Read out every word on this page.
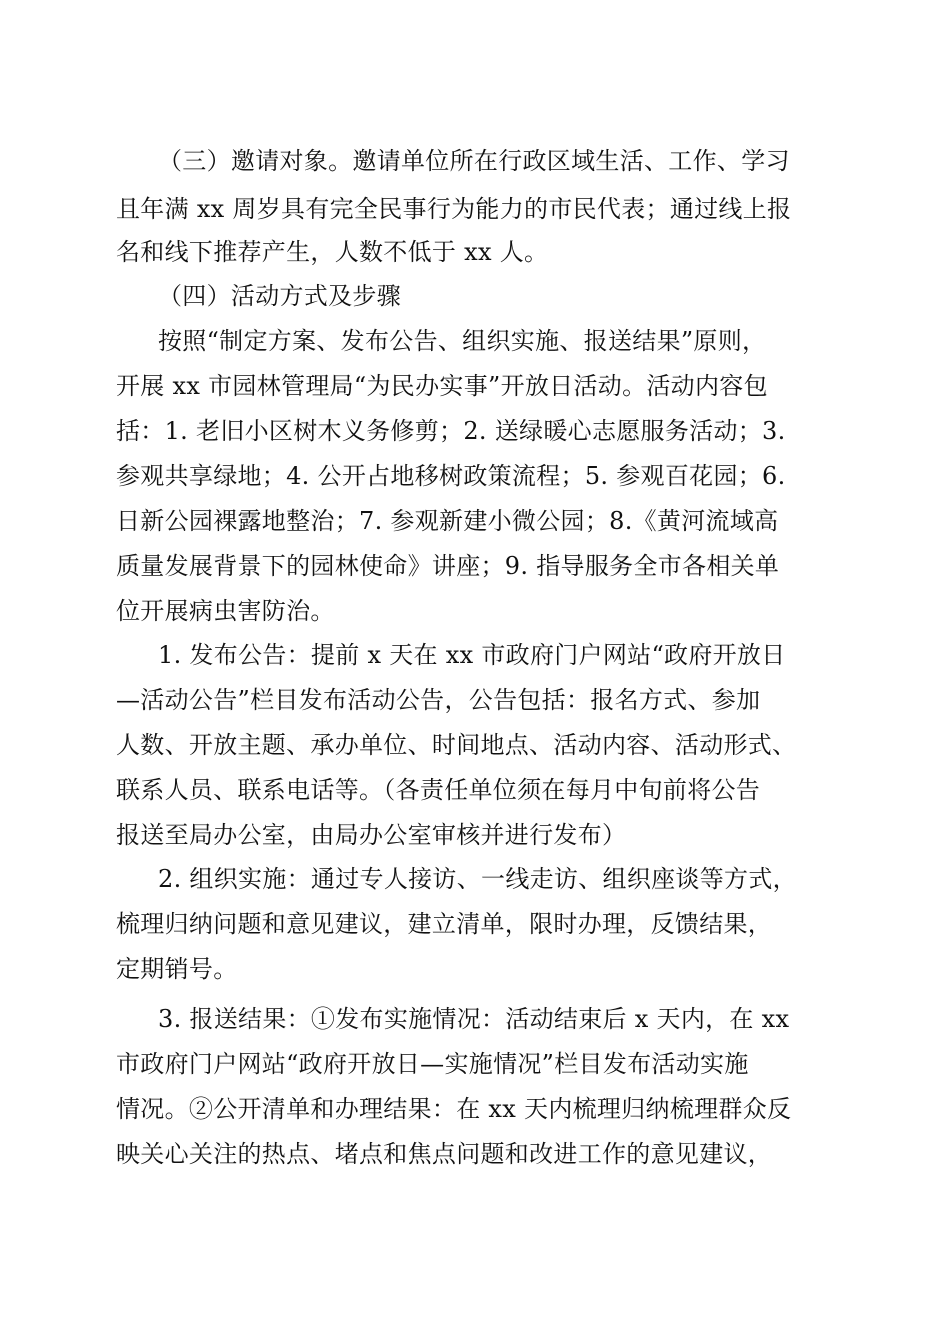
（三）邀请对象。邀请单位所在行政区域生活、工作、学习
且年满 xx 周岁具有完全民事行为能力的市民代表；通过线上报
名和线下推荐产生，人数不低于 xx 人。
（四）活动方式及步骤
按照“制定方案、发布公告、组织实施、报送结果”原则，
开展 xx 市园林管理局“为民办实事”开放日活动。活动内容包
括：1. 老旧小区树木义务修剪；2. 送绿暖心志愿服务活动；3.
参观共享绿地；4. 公开占地移树政策流程；5. 参观百花园；6.
日新公园裸露地整治；7. 参观新建小微公园；8.《黄河流域高
质量发展背景下的园林使命》讲座；9. 指导服务全市各相关单
位开展病虫害防治。
1. 发布公告：提前 x 天在 xx 市政府门户网站“政府开放日
—活动公告”栏目发布活动公告，公告包括：报名方式、参加
人数、开放主题、承办单位、时间地点、活动内容、活动形式、
联系人员、联系电话等。（各责任单位须在每月中旬前将公告
报送至局办公室，由局办公室审核并进行发布）
2. 组织实施：通过专人接访、一线走访、组织座谈等方式，
梳理归纳问题和意见建议，建立清单，限时办理，反馈结果，
定期销号。
3. 报送结果：①发布实施情况：活动结束后 x 天内，在 xx
市政府门户网站“政府开放日—实施情况”栏目发布活动实施
情况。②公开清单和办理结果：在 xx 天内梳理归纳梳理群众反
映关心关注的热点、堵点和焦点问题和改进工作的意见建议，
